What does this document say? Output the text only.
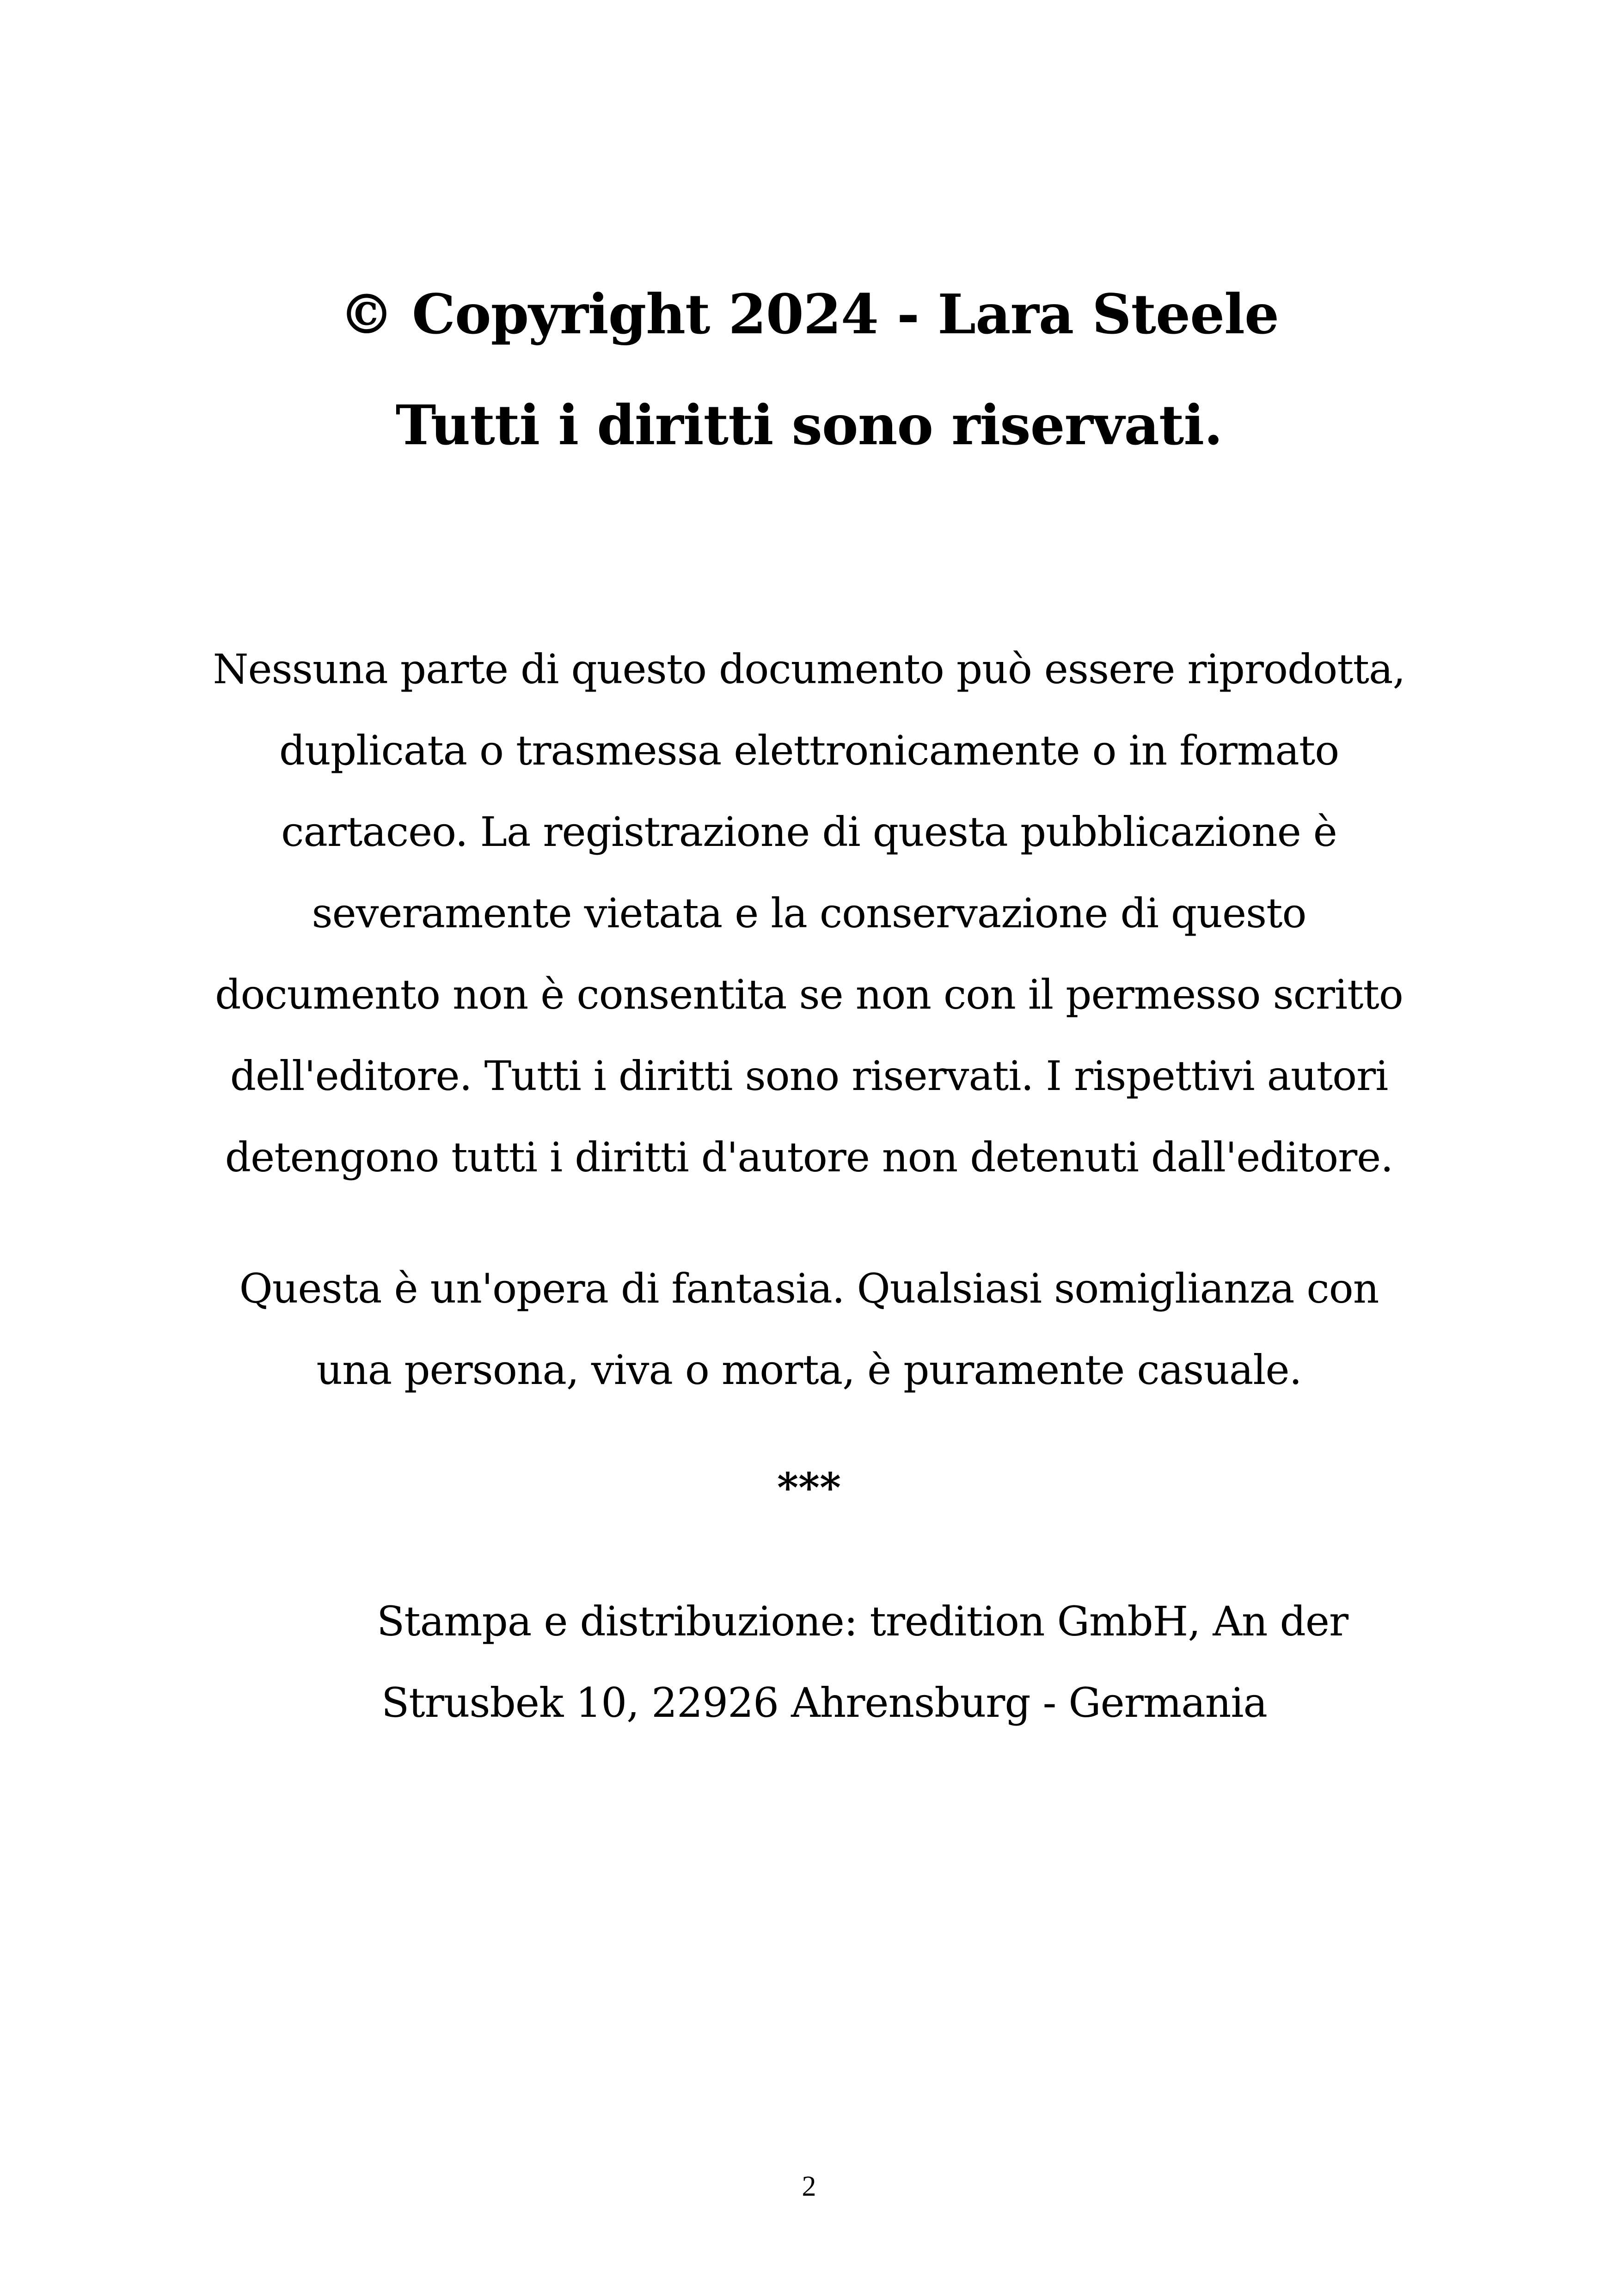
© Copyright 2024 - Lara Steele
Tutti i diritti sono riservati.
Nessuna parte di questo documento può essere riprodotta,
duplicata o trasmessa elettronicamente o in formato
cartaceo. La registrazione di questa pubblicazione è
severamente vietata e la conservazione di questo
documento non è consentita se non con il permesso scritto
dell'editore. Tutti i diritti sono riservati. I rispettivi autori
detengono tutti i diritti d'autore non detenuti dall'editore.
Questa è un'opera di fantasia. Qualsiasi somiglianza con
una persona, viva o morta, è puramente casuale.
***
Stampa e distribuzione: tredition GmbH, An der
Strusbek 10, 22926 Ahrensburg - Germania
2
